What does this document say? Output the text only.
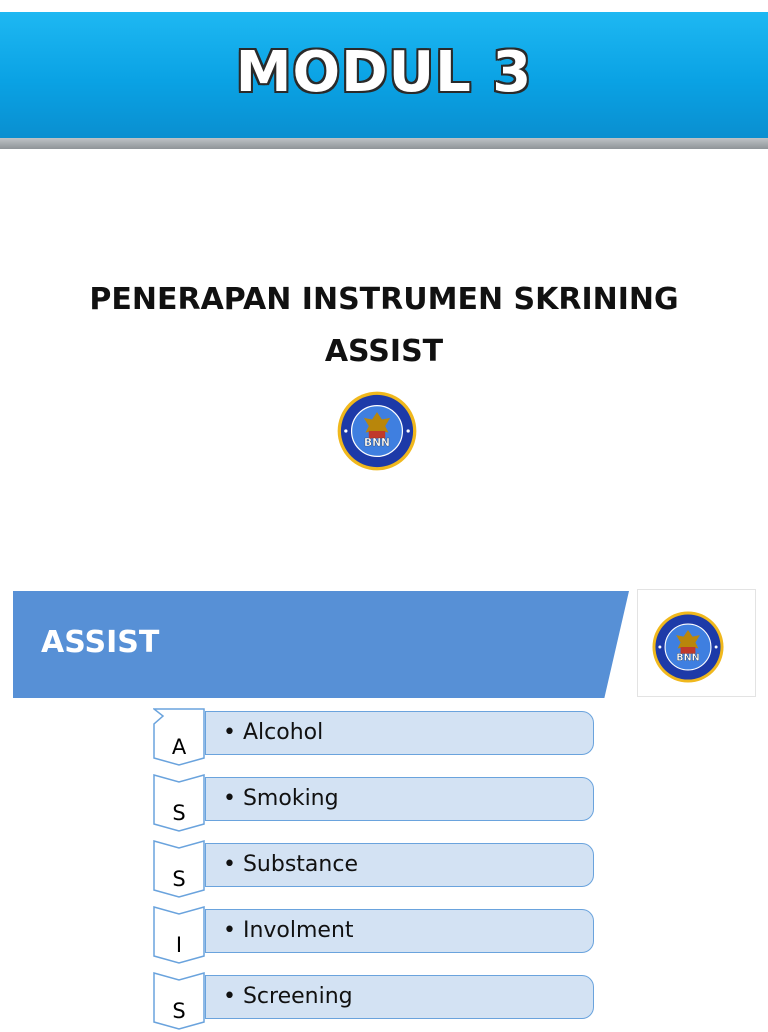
MODUL 3
PENERAPAN INSTRUMEN SKRINING
ASSIST
BNN
ASSIST	BNN
A
• Alcohol
S
• Smoking
S
• Substance
I
• Involment
S
• Screening
